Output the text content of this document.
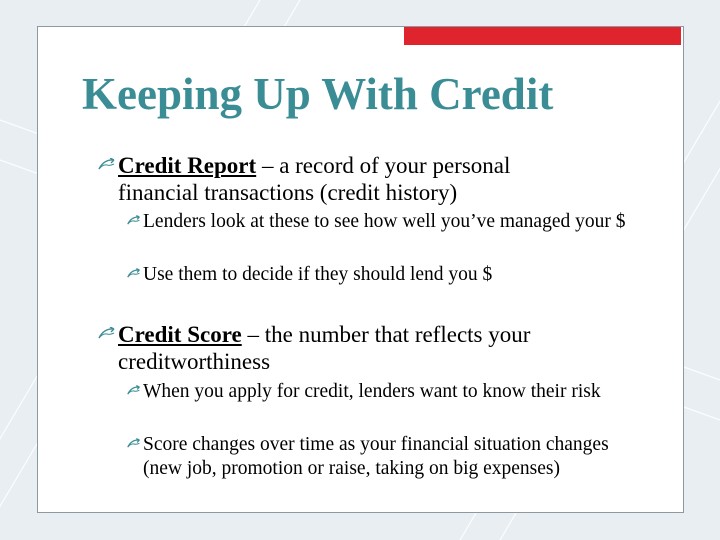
Keeping Up With Credit
Credit Report – a record of your personal financial transactions (credit history)
Lenders look at these to see how well you’ve managed your $
Use them to decide if they should lend you $
Credit Score – the number that reflects your creditworthiness
When you apply for credit, lenders want to know their risk
Score changes over time as your financial situation changes (new job, promotion or raise, taking on big expenses)
